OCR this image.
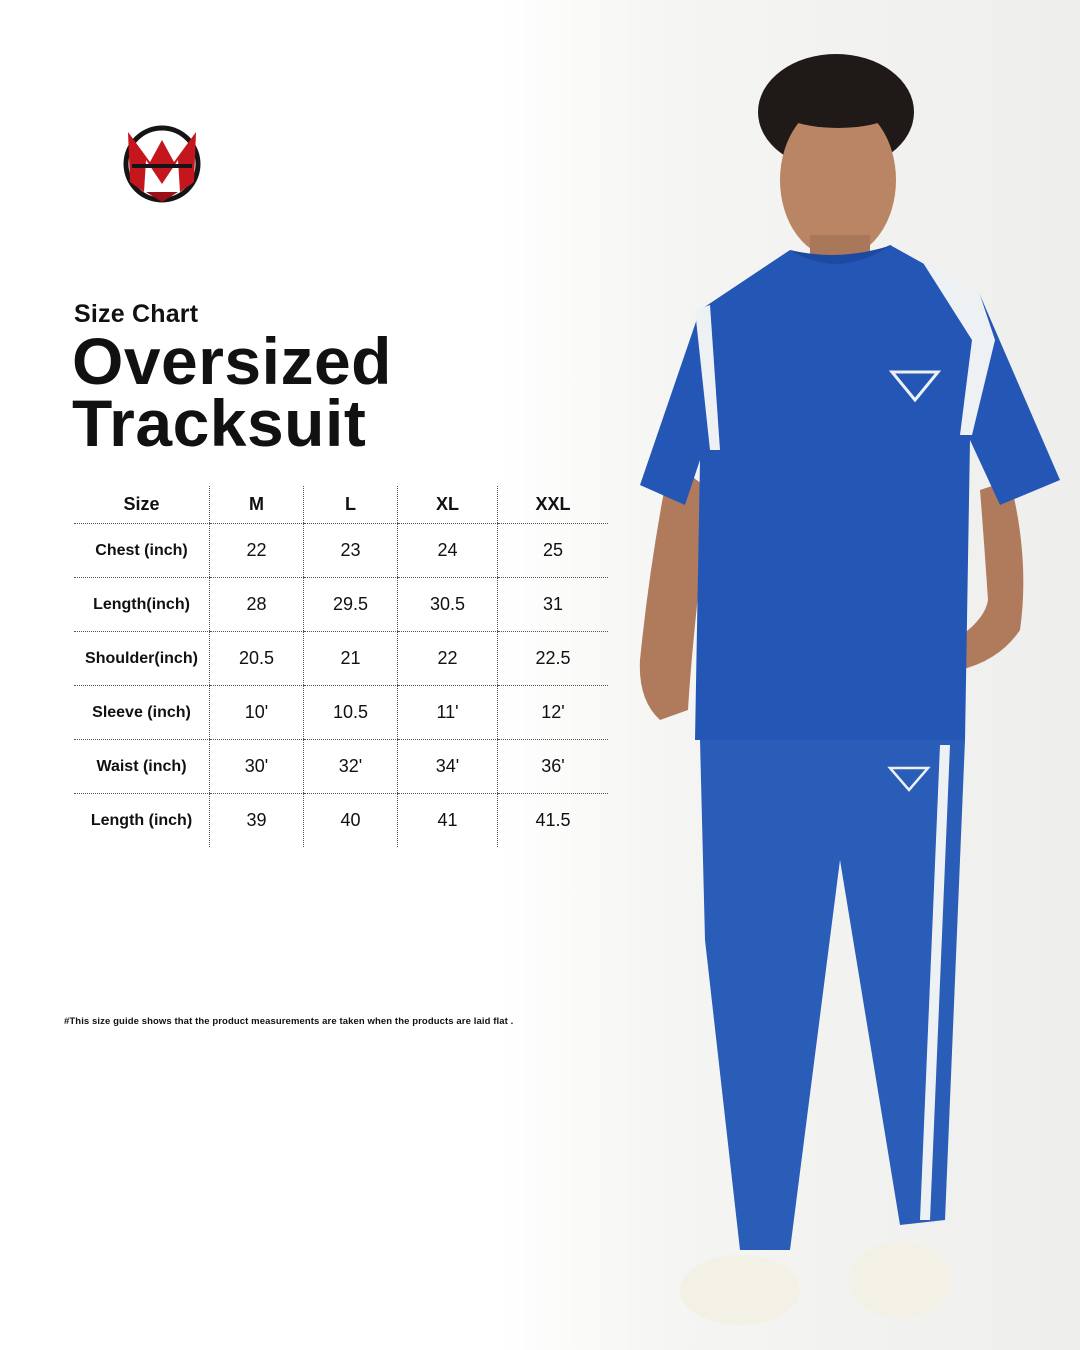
Size Chart
Oversized
Tracksuit
Size	M	L	XL	XXL
Chest (inch)	22	23	24	25
Length(inch)	28	29.5	30.5	31
Shoulder(inch)	20.5	21	22	22.5
Sleeve (inch)	10'	10.5	11'	12'
Waist (inch)	30'	32'	34'	36'
Length (inch)	39	40	41	41.5

#This size guide shows that the product measurements are taken when the products are laid flat .
